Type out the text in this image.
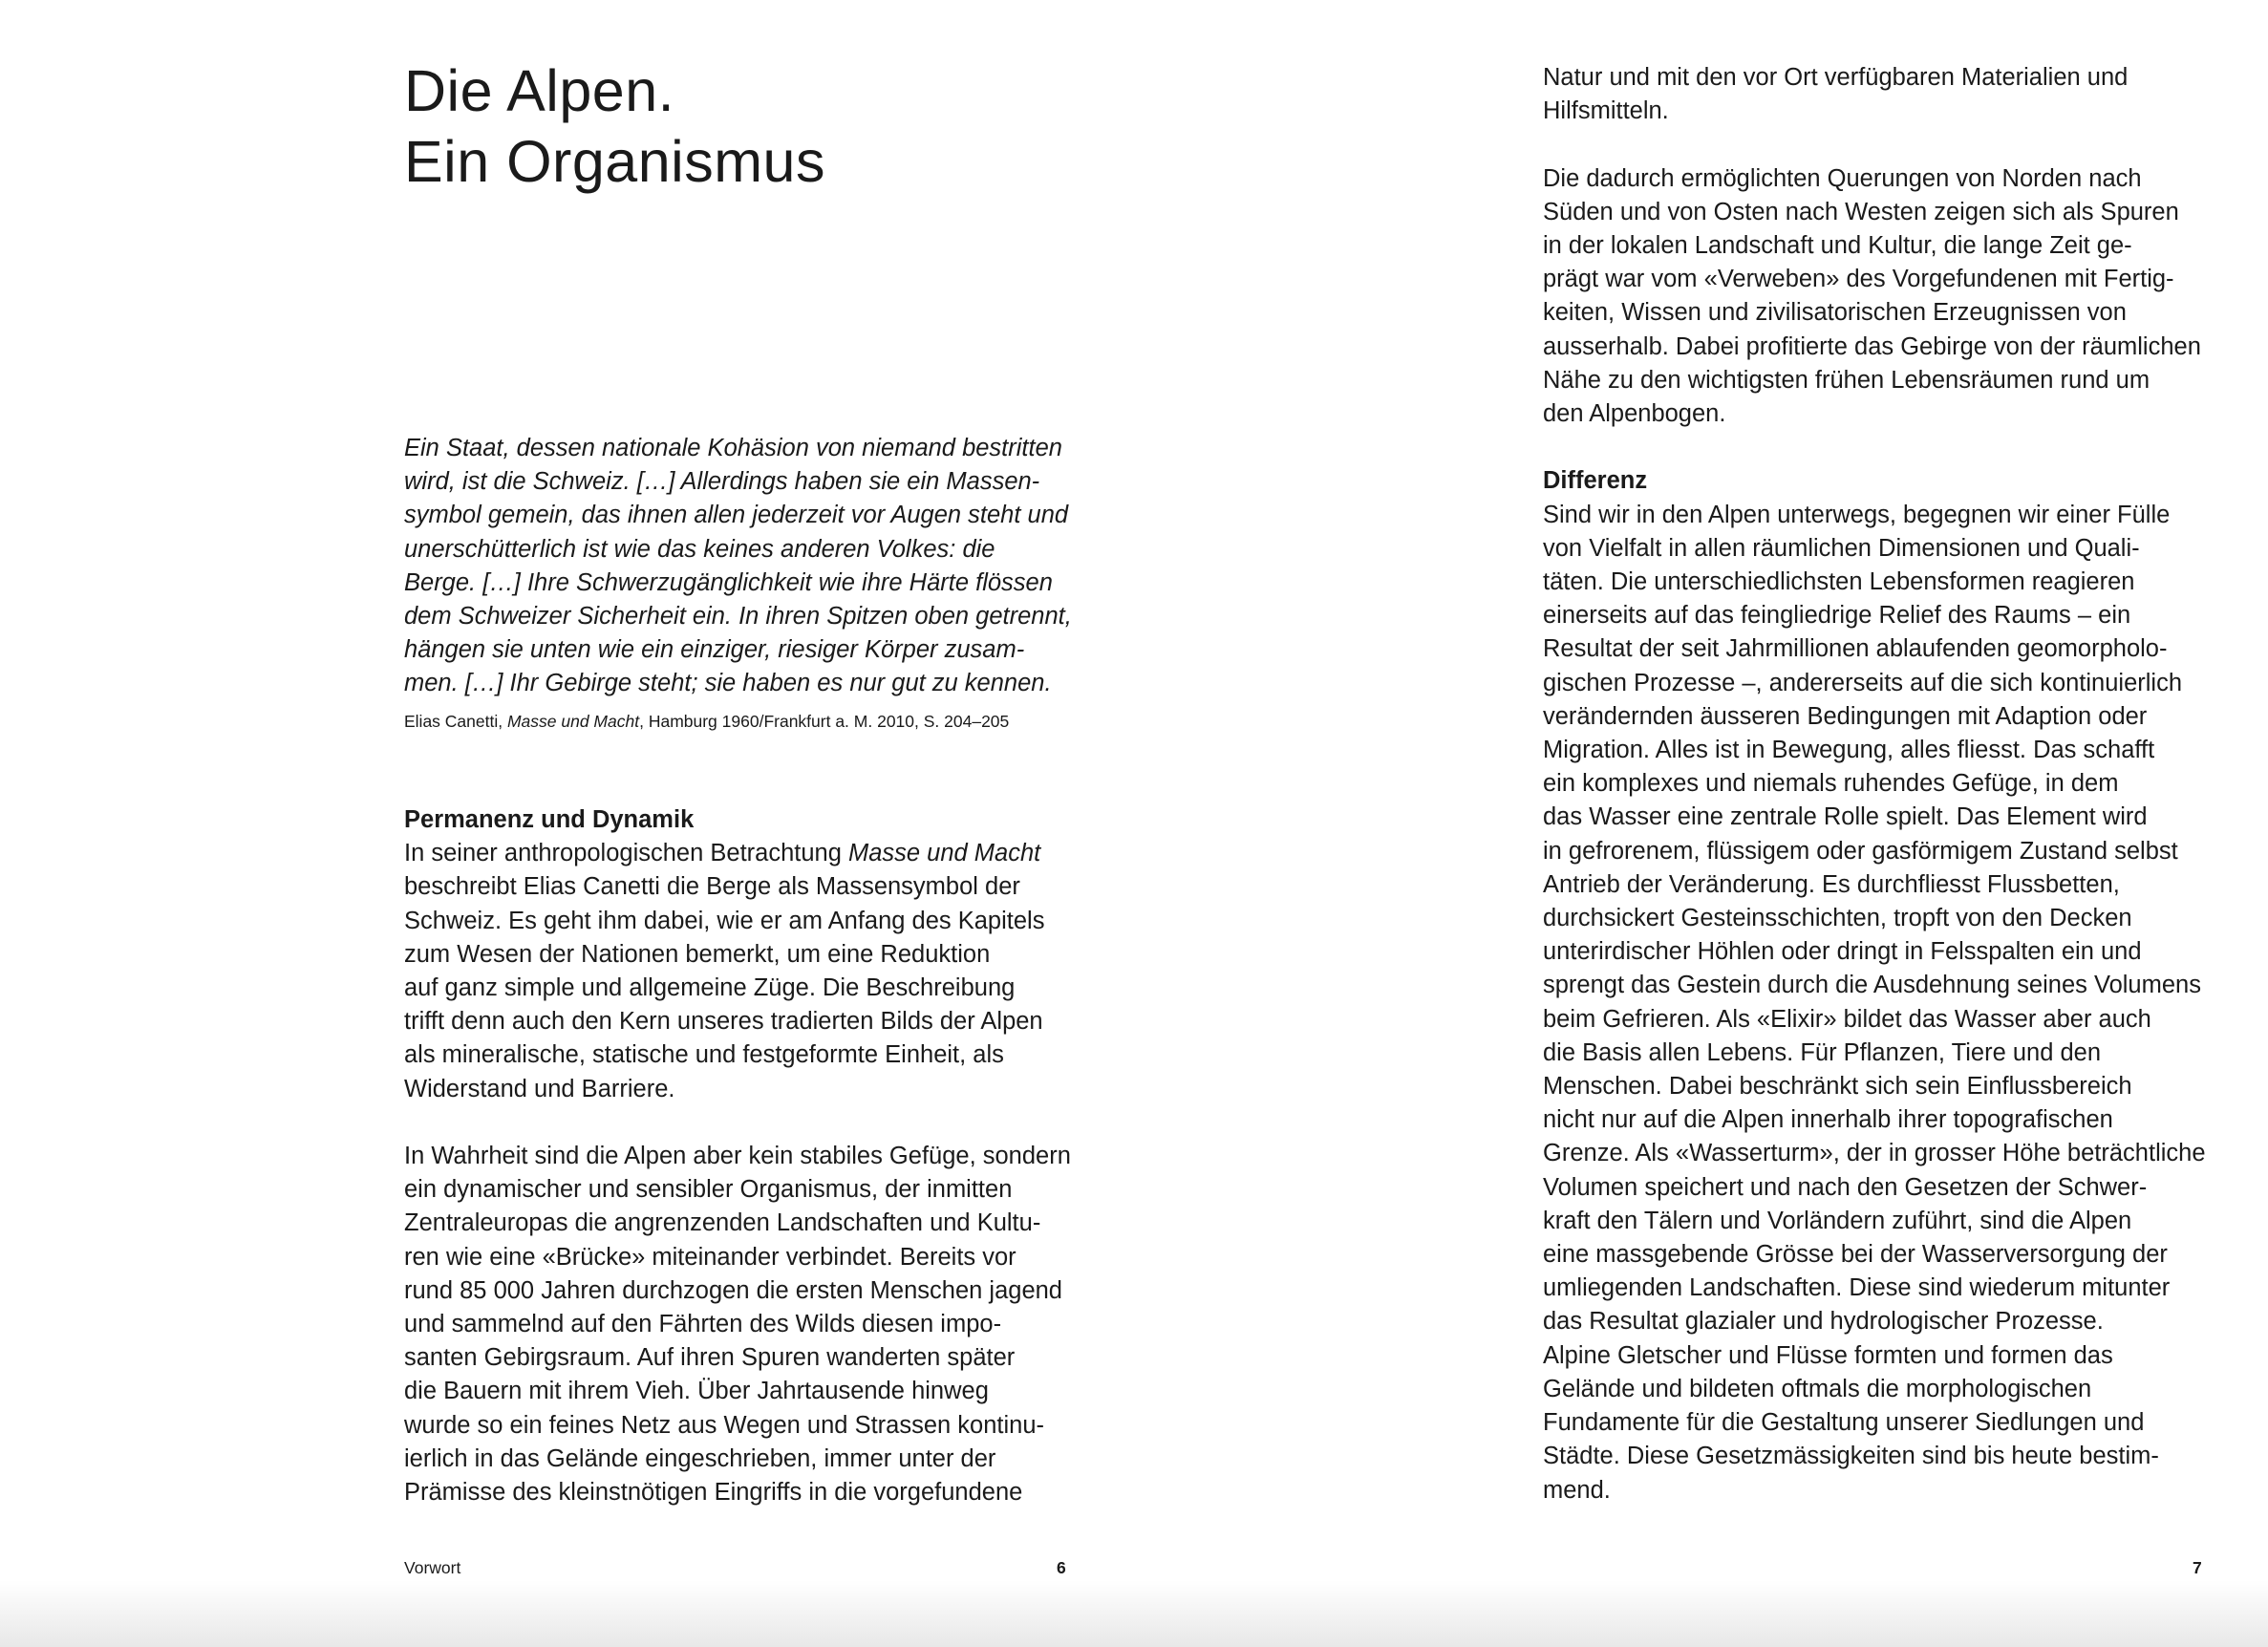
Die Alpen.
Ein Organismus
Ein Staat, dessen nationale Kohäsion von niemand bestritten
wird, ist die Schweiz. […] Allerdings haben sie ein Massen-
symbol gemein, das ihnen allen jederzeit vor Augen steht und
unerschütterlich ist wie das keines anderen Volkes: die
Berge. […] Ihre Schwerzugänglichkeit wie ihre Härte flössen
dem Schweizer Sicherheit ein. In ihren Spitzen oben getrennt,
hängen sie unten wie ein einziger, riesiger Körper zusam-
men. […] Ihr Gebirge steht; sie haben es nur gut zu kennen.
Elias Canetti, Masse und Macht, Hamburg 1960/Frankfurt a. M. 2010, S. 204–205
Permanenz und Dynamik
In seiner anthropologischen Betrachtung Masse und Macht
beschreibt Elias Canetti die Berge als Massensymbol der
Schweiz. Es geht ihm dabei, wie er am Anfang des Kapitels
zum Wesen der Nationen bemerkt, um eine Reduktion
auf ganz simple und allgemeine Züge. Die Beschreibung
trifft denn auch den Kern unseres tradierten Bilds der Alpen
als mineralische, statische und festgeformte Einheit, als
Widerstand und Barriere.
In Wahrheit sind die Alpen aber kein stabiles Gefüge, sondern
ein dynamischer und sensibler Organismus, der inmitten
Zentraleuropas die angrenzenden Landschaften und Kultu-
ren wie eine «Brücke» miteinander verbindet. Bereits vor
rund 85 000 Jahren durchzogen die ersten Menschen jagend
und sammelnd auf den Fährten des Wilds diesen impo-
santen Gebirgsraum. Auf ihren Spuren wanderten später
die Bauern mit ihrem Vieh. Über Jahrtausende hinweg
wurde so ein feines Netz aus Wegen und Strassen kontinu-
ierlich in das Gelände eingeschrieben, immer unter der
Prämisse des kleinstnötigen Eingriffs in die vorgefundene
Vorwort	6
Natur und mit den vor Ort verfügbaren Materialien und
Hilfsmitteln.
Die dadurch ermöglichten Querungen von Norden nach
Süden und von Osten nach Westen zeigen sich als Spuren
in der lokalen Landschaft und Kultur, die lange Zeit ge-
prägt war vom «Verweben» des Vorgefundenen mit Fertig-
keiten, Wissen und zivilisatorischen Erzeugnissen von
ausserhalb. Dabei profitierte das Gebirge von der räumlichen
Nähe zu den wichtigsten frühen Lebensräumen rund um
den Alpenbogen.
Differenz
Sind wir in den Alpen unterwegs, begegnen wir einer Fülle
von Vielfalt in allen räumlichen Dimensionen und Quali-
täten. Die unterschiedlichsten Lebensformen reagieren
einerseits auf das feingliedrige Relief des Raums – ein
Resultat der seit Jahrmillionen ablaufenden geomorpholo-
gischen Prozesse –, andererseits auf die sich kontinuierlich
verändernden äusseren Bedingungen mit Adaption oder
Migration. Alles ist in Bewegung, alles fliesst. Das schafft
ein komplexes und niemals ruhendes Gefüge, in dem
das Wasser eine zentrale Rolle spielt. Das Element wird
in gefrorenem, flüssigem oder gasförmigem Zustand selbst
Antrieb der Veränderung. Es durchfliesst Flussbetten,
durchsickert Gesteinsschichten, tropft von den Decken
unterirdischer Höhlen oder dringt in Felsspalten ein und
sprengt das Gestein durch die Ausdehnung seines Volumens
beim Gefrieren. Als «Elixir» bildet das Wasser aber auch
die Basis allen Lebens. Für Pflanzen, Tiere und den
Menschen. Dabei beschränkt sich sein Einflussbereich
nicht nur auf die Alpen innerhalb ihrer topografischen
Grenze. Als «Wasserturm», der in grosser Höhe beträchtliche
Volumen speichert und nach den Gesetzen der Schwer-
kraft den Tälern und Vorländern zuführt, sind die Alpen
eine massgebende Grösse bei der Wasserversorgung der
umliegenden Landschaften. Diese sind wiederum mitunter
das Resultat glazialer und hydrologischer Prozesse.
Alpine Gletscher und Flüsse formten und formen das
Gelände und bildeten oftmals die morphologischen
Fundamente für die Gestaltung unserer Siedlungen und
Städte. Diese Gesetzmässigkeiten sind bis heute bestim-
mend.
7
